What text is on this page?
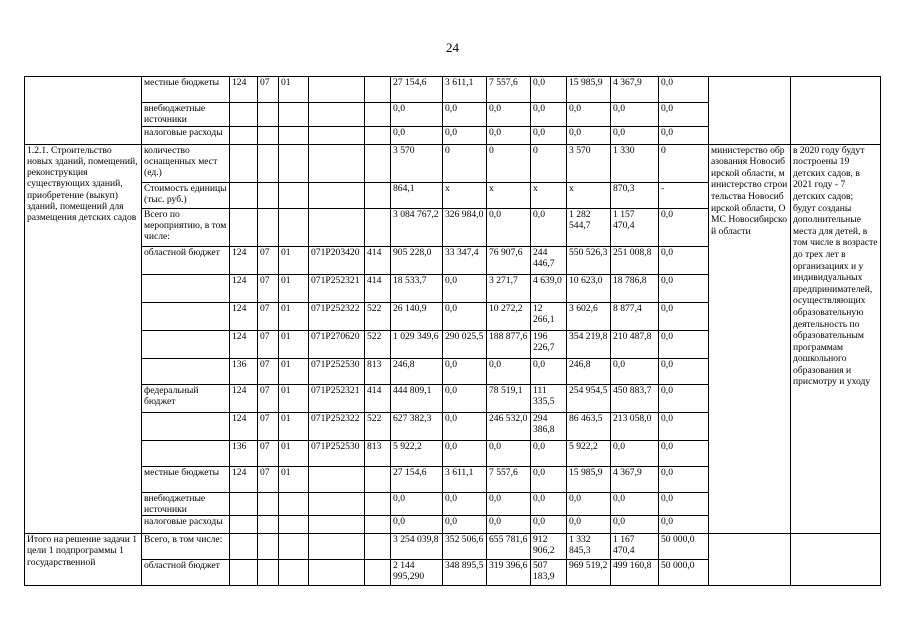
24
	местные бюджеты	124	07	01			27 154,6	3 611,1	7 557,6	0,0	15 985,9	4 367,9	0,0		
	внебюджетные источники						0,0	0,0	0,0	0,0	0,0	0,0	0,0		
	налоговые расходы						0,0	0,0	0,0	0,0	0,0	0,0	0,0		
1.2.1. Строительство новых зданий, помещений, реконструкция существующих зданий, приобретение (выкуп) зданий, помещений для размещения детских садов	количество оснащенных мест (ед.)						3 570	0	0	0	3 570	1 330	0	министерство образования Новосибирской области, министерство строительства Новосибирской области, ОМС Новосибирской области	в 2020 году будут построены 19 детских садов, в 2021 году - 7 детских садов; будут созданы дополнительные места для детей, в том числе в возрасте до трех лет в организациях и у индивидуальных предпринимателей, осуществляющих образовательную деятельность по образовательным программам дошкольного образования и присмотру и уходу
	Стоимость единицы (тыс. руб.)						864,1	x	x	x	x	870,3	-		
	Всего по мероприятию, в том числе:						3 084 767,2	326 984,0	0,0	0,0	1 282 544,7	1 157 470,4	0,0		
	областной бюджет	124	07	01	071P203420	414	905 228,0	33 347,4	76 907,6	244 446,7	550 526,3	251 008,8	0,0		
		124	07	01	071P252321	414	18 533,7	0,0	3 271,7	4 639,0	10 623,0	18 786,8	0,0		
		124	07	01	071P252322	522	26 140,9	0,0	10 272,2	12 266,1	3 602,6	8 877,4	0,0		
		124	07	01	071P270620	522	1 029 349,6	290 025,5	188 877,6	196 226,7	354 219,8	210 487,8	0,0		
		136	07	01	071P252530	813	246,8	0,0	0,0	0,0	246,8	0,0	0,0		
	федеральный бюджет	124	07	01	071P252321	414	444 809,1	0,0	78 519,1	111 335,5	254 954,5	450 883,7	0,0		
		124	07	01	071P252322	522	627 382,3	0,0	246 532,0	294 386,8	86 463,5	213 058,0	0,0		
		136	07	01	071P252530	813	5 922,2	0,0	0,0	0,0	5 922,2	0,0	0,0		
	местные бюджеты	124	07	01			27 154,6	3 611,1	7 557,6	0,0	15 985,9	4 367,9	0,0		
	внебюджетные источники						0,0	0,0	0,0	0,0	0,0	0,0	0,0		
	налоговые расходы						0,0	0,0	0,0	0,0	0,0	0,0	0,0		
Итого на решение задачи 1 цели 1 подпрограммы 1 государственной	Всего, в том числе:						3 254 039,8	352 506,6	655 781,6	912 906,2	1 332 845,3	1 167 470,4	50 000,0		
	областной бюджет						2 144 995,290	348 895,5	319 396,6	507 183,9	969 519,2	499 160,8	50 000,0		
